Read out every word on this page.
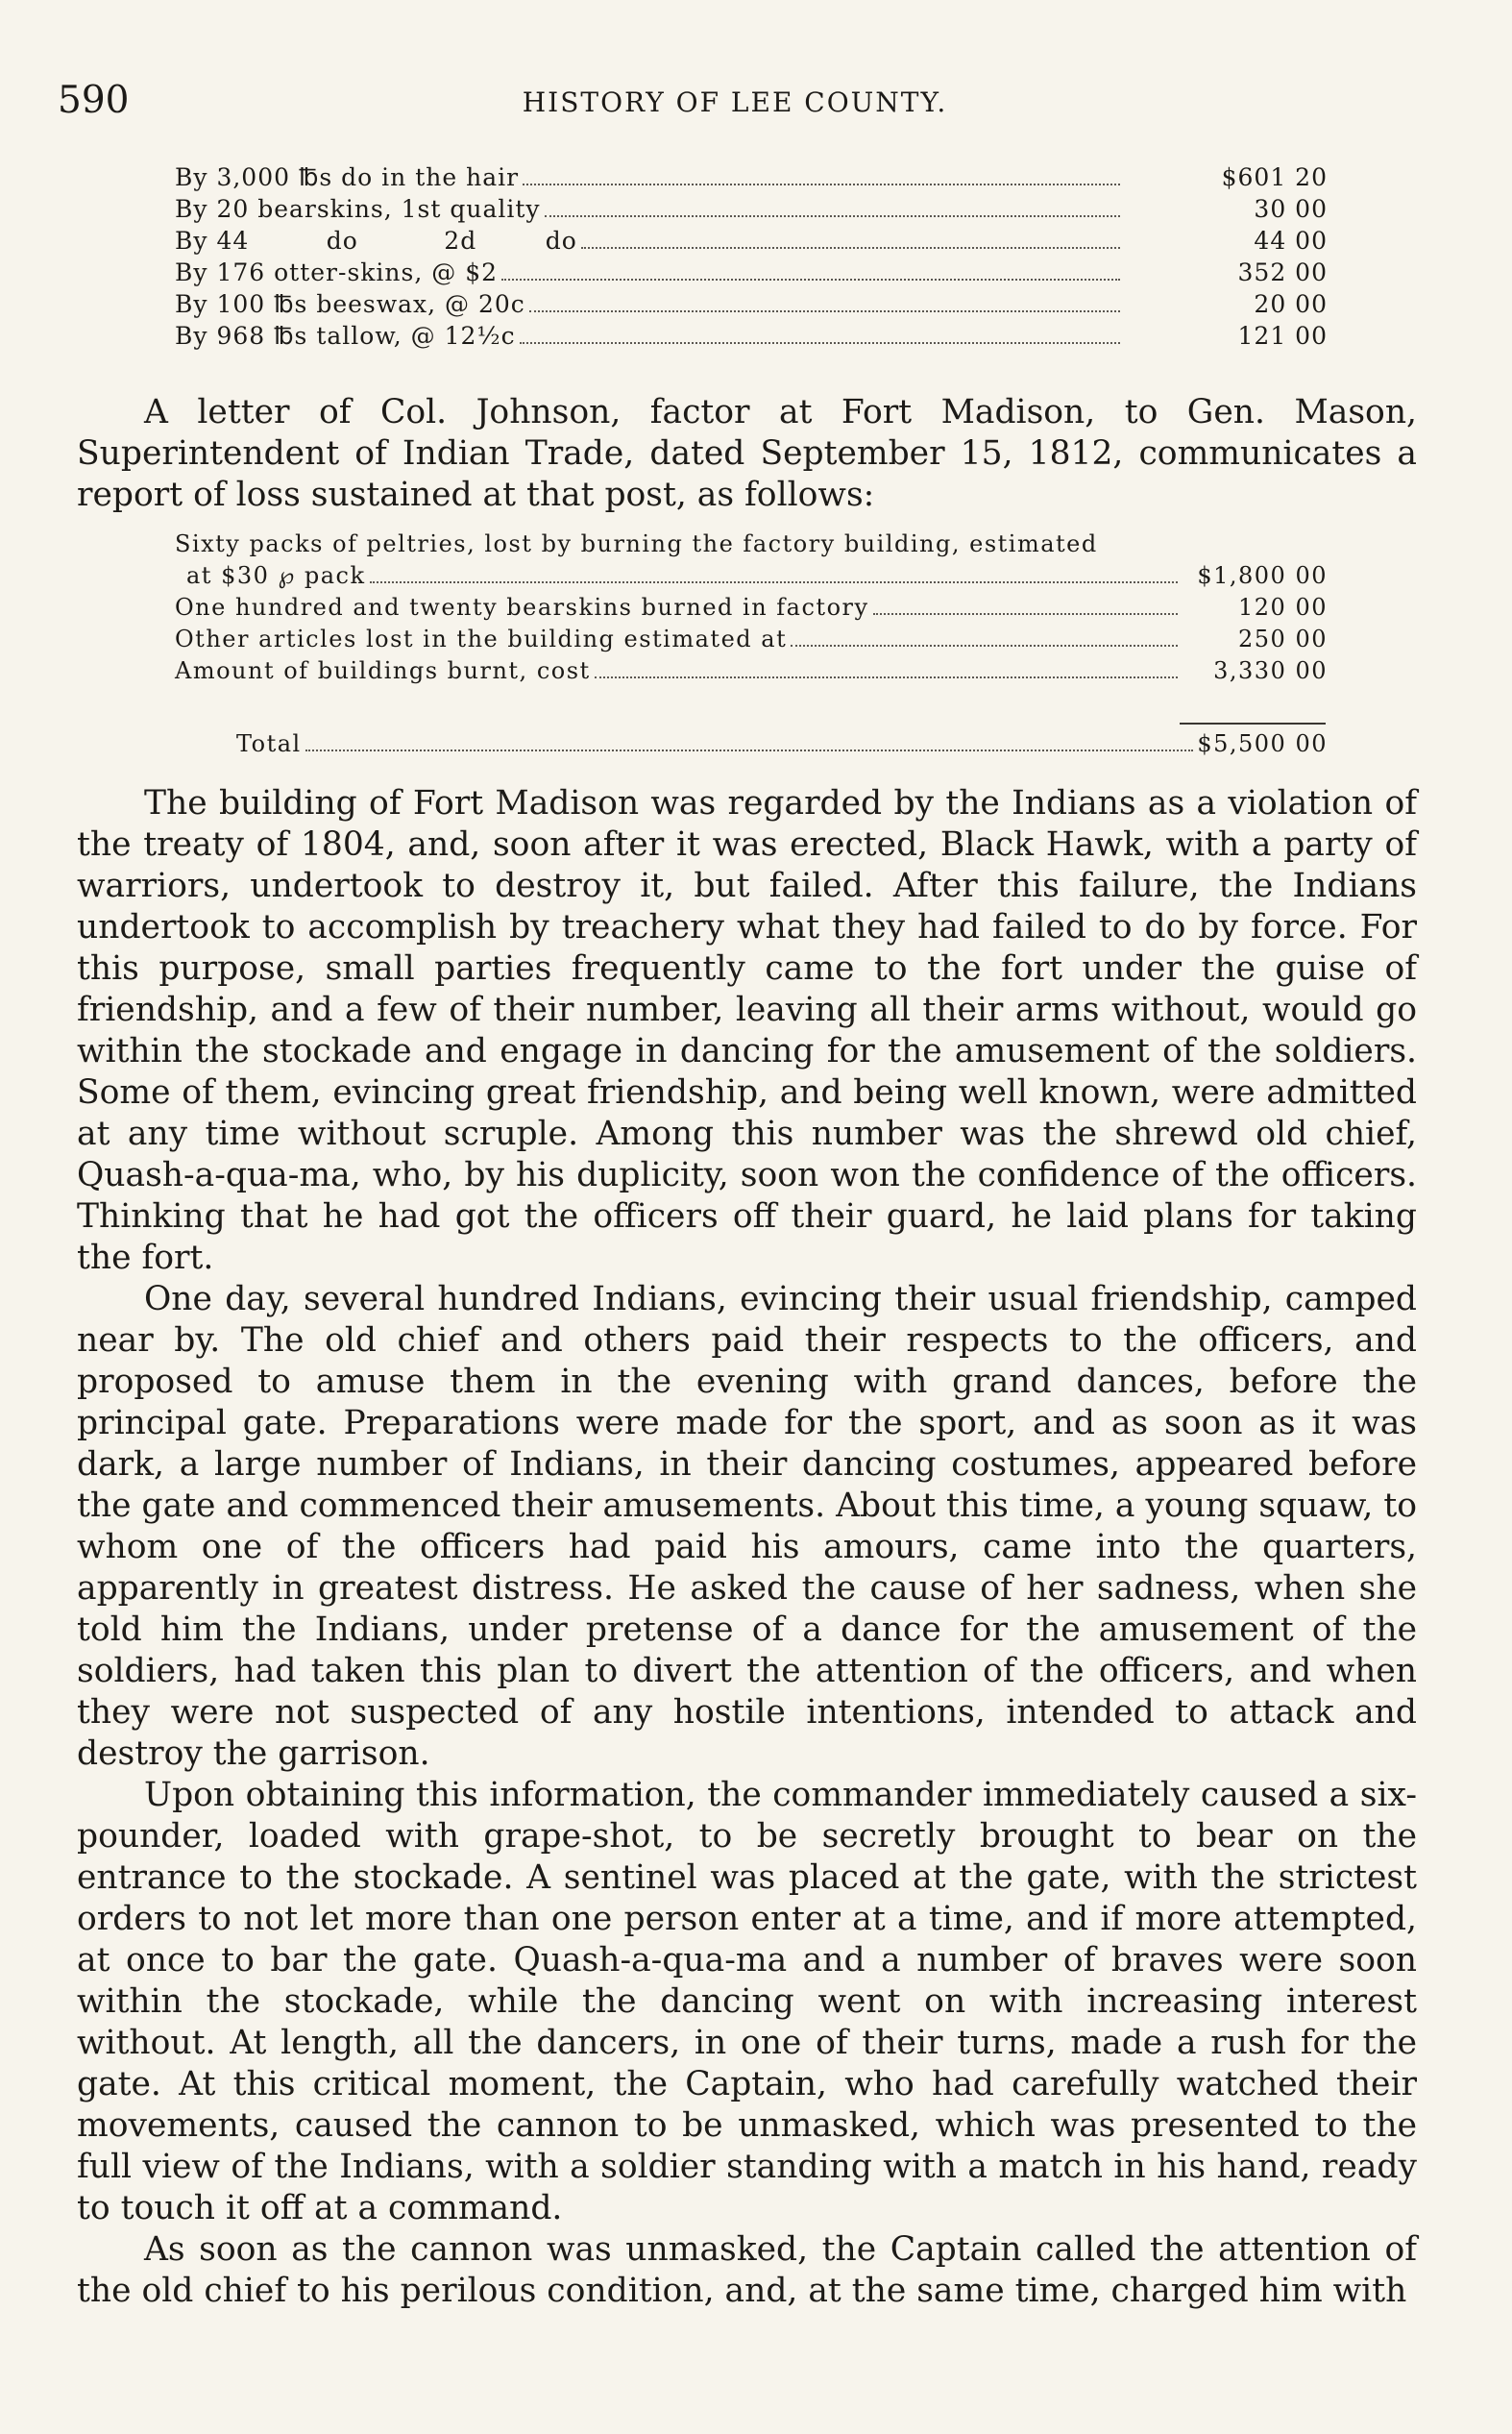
590	HISTORY OF LEE COUNTY.
By 3,000 ℔s do in the hair	$601 20
By 20 bearskins, 1st quality	30 00
By 44         do          2d        do	44 00
By 176 otter-skins, @ $2	352 00
By 100 ℔s beeswax, @ 20c	20 00
By 968 ℔s tallow, @ 12½c	121 00

A letter of Col. Johnson, factor at Fort Madison, to Gen. Mason, Superintendent of Indian Trade, dated September 15, 1812, communicates a report of loss sustained at that post, as follows:

Sixty packs of peltries, lost by burning the factory building, estimated
at $30 ℘ pack	$1,800 00
One hundred and twenty bearskins burned in factory	120 00
Other articles lost in the building estimated at	250 00
Amount of buildings burnt, cost	3,330 00
Total	$5,500 00

The building of Fort Madison was regarded by the Indians as a violation of the treaty of 1804, and, soon after it was erected, Black Hawk, with a party of warriors, undertook to destroy it, but failed. After this failure, the Indians undertook to accomplish by treachery what they had failed to do by force. For this purpose, small parties frequently came to the fort under the guise of friendship, and a few of their number, leaving all their arms without, would go within the stockade and engage in dancing for the amusement of the soldiers. Some of them, evincing great friendship, and being well known, were admitted at any time without scruple. Among this number was the shrewd old chief, Quash-a-qua-ma, who, by his duplicity, soon won the confidence of the officers. Thinking that he had got the officers off their guard, he laid plans for taking the fort.

One day, several hundred Indians, evincing their usual friendship, camped near by. The old chief and others paid their respects to the officers, and proposed to amuse them in the evening with grand dances, before the principal gate. Preparations were made for the sport, and as soon as it was dark, a large number of Indians, in their dancing costumes, appeared before the gate and commenced their amusements. About this time, a young squaw, to whom one of the officers had paid his amours, came into the quarters, apparently in greatest distress. He asked the cause of her sadness, when she told him the Indians, under pretense of a dance for the amusement of the soldiers, had taken this plan to divert the attention of the officers, and when they were not suspected of any hostile intentions, intended to attack and destroy the garrison.

Upon obtaining this information, the commander immediately caused a six-pounder, loaded with grape-shot, to be secretly brought to bear on the entrance to the stockade. A sentinel was placed at the gate, with the strictest orders to not let more than one person enter at a time, and if more attempted, at once to bar the gate. Quash-a-qua-ma and a number of braves were soon within the stockade, while the dancing went on with increasing interest without. At length, all the dancers, in one of their turns, made a rush for the gate. At this critical moment, the Captain, who had carefully watched their movements, caused the cannon to be unmasked, which was presented to the full view of the Indians, with a soldier standing with a match in his hand, ready to touch it off at a command.

As soon as the cannon was unmasked, the Captain called the attention of the old chief to his perilous condition, and, at the same time, charged him with
